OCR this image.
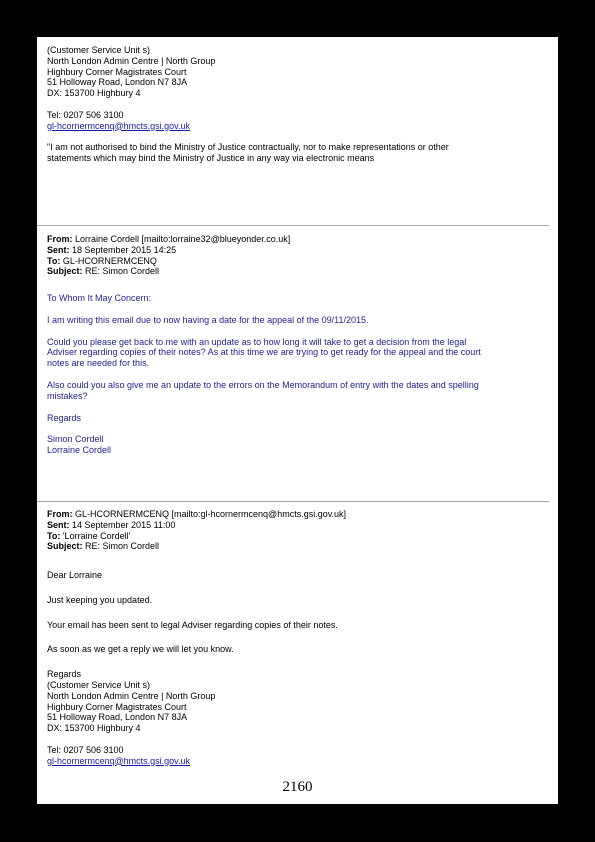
(Customer Service Unit s)
North London Admin Centre | North Group
Highbury Corner Magistrates Court
51 Holloway Road, London N7 8JA
DX: 153700 Highbury 4
Tel: 0207 506 3100
gl-hcornermcenq@hmcts.gsi.gov.uk
"I am not authorised to bind the Ministry of Justice contractually, nor to make representations or other
statements which may bind the Ministry of Justice in any way via electronic means
From: Lorraine Cordell [mailto:lorraine32@blueyonder.co.uk]
Sent: 18 September 2015 14:25
To: GL-HCORNERMCENQ
Subject: RE: Simon Cordell
To Whom It May Concern:
I am writing this email due to now having a date for the appeal of the 09/11/2015.
Could you please get back to me with an update as to how long it will take to get a decision from the legal
Adviser regarding copies of their notes? As at this time we are trying to get ready for the appeal and the court
notes are needed for this.
Also could you also give me an update to the errors on the Memorandum of entry with the dates and spelling
mistakes?
Regards
Simon Cordell
Lorraine Cordell
From: GL-HCORNERMCENQ [mailto:gl-hcornermcenq@hmcts.gsi.gov.uk]
Sent: 14 September 2015 11:00
To: 'Lorraine Cordell'
Subject: RE: Simon Cordell
Dear Lorraine
Just keeping you updated.
Your email has been sent to legal Adviser regarding copies of their notes.
As soon as we get a reply we will let you know.
Regards
(Customer Service Unit s)
North London Admin Centre | North Group
Highbury Corner Magistrates Court
51 Holloway Road, London N7 8JA
DX: 153700 Highbury 4
Tel: 0207 506 3100
gl-hcornermcenq@hmcts.gsi.gov.uk
2160
